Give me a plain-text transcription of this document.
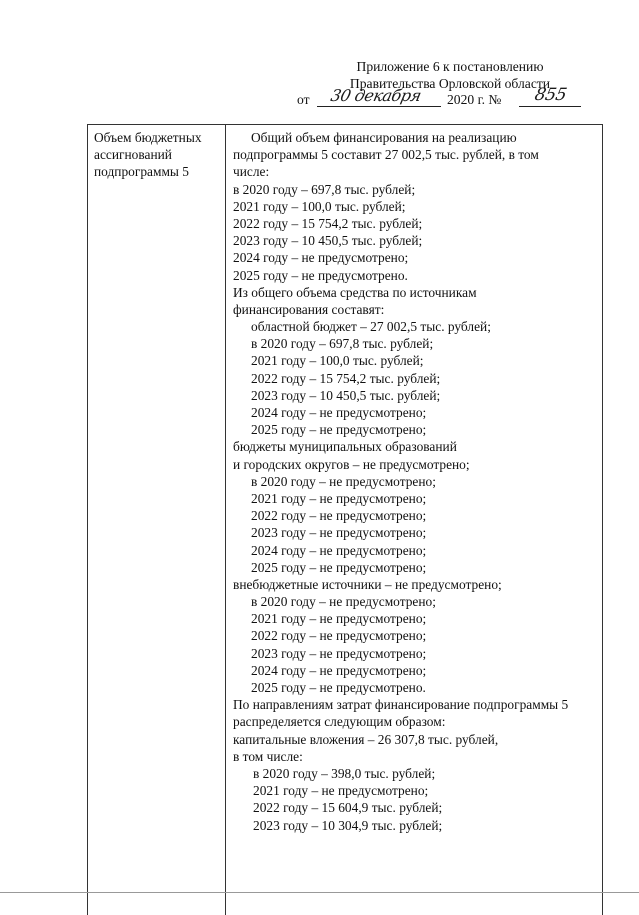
Приложение 6 к постановлению
Правительства Орловской области
от 30 декабря 2020 г. № 855
Объем бюджетных ассигнований подпрограммы 5
Общий объем финансирования на реализацию
подпрограммы 5 составит 27 002,5 тыс. рублей, в том
числе:
в 2020 году – 697,8 тыс. рублей;
2021 году – 100,0 тыс. рублей;
2022 году – 15 754,2 тыс. рублей;
2023 году – 10 450,5 тыс. рублей;
2024 году – не предусмотрено;
2025 году – не предусмотрено.
Из общего объема средства по источникам
финансирования составят:
областной бюджет – 27 002,5 тыс. рублей;
в 2020 году – 697,8 тыс. рублей;
2021 году – 100,0 тыс. рублей;
2022 году – 15 754,2 тыс. рублей;
2023 году – 10 450,5 тыс. рублей;
2024 году – не предусмотрено;
2025 году – не предусмотрено;
бюджеты муниципальных образований
и городских округов – не предусмотрено;
в 2020 году – не предусмотрено;
2021 году – не предусмотрено;
2022 году – не предусмотрено;
2023 году – не предусмотрено;
2024 году – не предусмотрено;
2025 году – не предусмотрено;
внебюджетные источники – не предусмотрено;
в 2020 году – не предусмотрено;
2021 году – не предусмотрено;
2022 году – не предусмотрено;
2023 году – не предусмотрено;
2024 году – не предусмотрено;
2025 году – не предусмотрено.
По направлениям затрат финансирование подпрограммы 5
распределяется следующим образом:
капитальные вложения – 26 307,8 тыс. рублей,
в том числе:
в 2020 году – 398,0 тыс. рублей;
2021 году – не предусмотрено;
2022 году – 15 604,9 тыс. рублей;
2023 году – 10 304,9 тыс. рублей;
